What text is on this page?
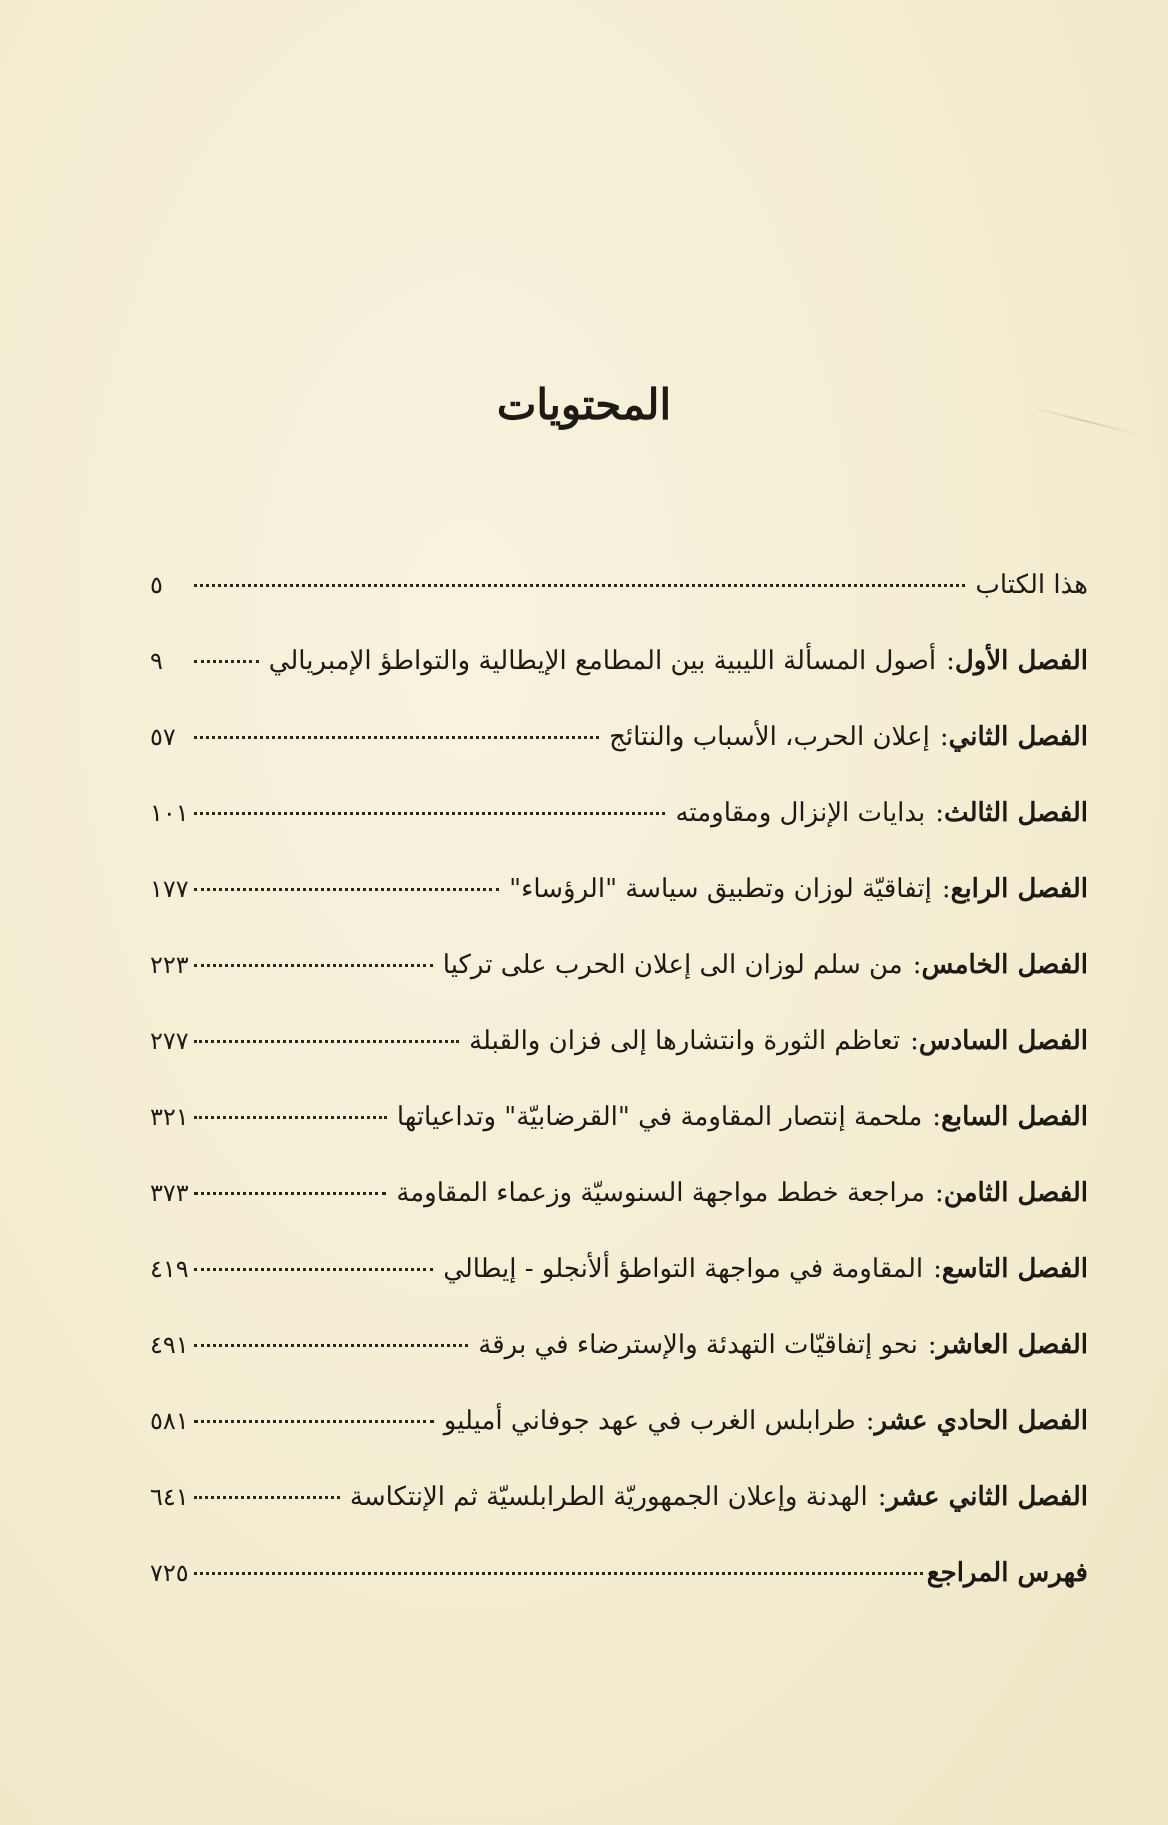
المحتويات
هذا الكتاب
٥
الفصل الأول
:
أصول المسألة الليبية بين المطامع الإيطالية والتواطؤ الإمبريالي
٩
الفصل الثاني
:
إعلان الحرب، الأسباب والنتائج
٥٧
الفصل الثالث
:
بدايات الإنزال ومقاومته
١٠١
الفصل الرابع
:
إتفاقيّة لوزان وتطبيق سياسة "الرؤساء"
١٧٧
الفصل الخامس
:
من سلم لوزان الى إعلان الحرب على تركيا
٢٢٣
الفصل السادس
:
تعاظم الثورة وانتشارها إلى فزان والقبلة
٢٧٧
الفصل السابع
:
ملحمة إنتصار المقاومة في "القرضابيّة" وتداعياتها
٣٢١
الفصل الثامن
:
مراجعة خطط مواجهة السنوسيّة وزعماء المقاومة
٣٧٣
الفصل التاسع
:
المقاومة في مواجهة التواطؤ ألأنجلو - إيطالي
٤١٩
الفصل العاشر
:
نحو إتفاقيّات التهدئة والإسترضاء في برقة
٤٩١
الفصل الحادي عشر
:
طرابلس الغرب في عهد جوفاني أميليو
٥٨١
الفصل الثاني عشر
:
الهدنة وإعلان الجمهوريّة الطرابلسيّة ثم الإنتكاسة
٦٤١
فهرس المراجع
٧٢٥
